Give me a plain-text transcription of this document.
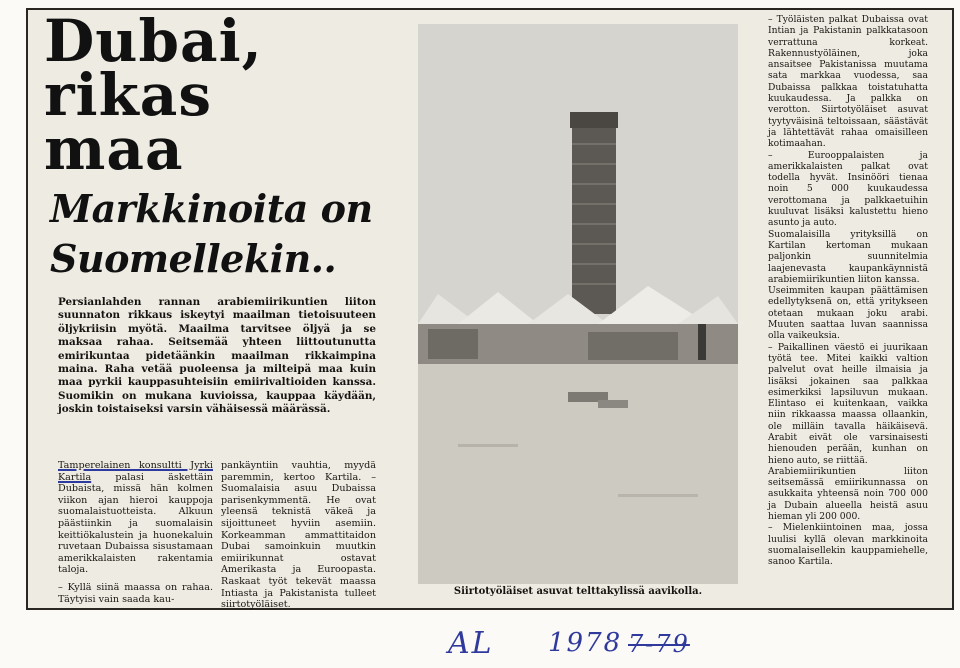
Dubai,
rikas
maa
Markkinoita on
Suomellekin..

Persianlahden rannan arabiemiirikuntien liiton suunnaton rikkaus iskeytyi maailman tietoisuuteen öljykriisin myötä. Maailma tarvitsee öljyä ja se maksaa rahaa. Seitsemää yhteen liittoutunutta emirikuntaa pidetäänkin maailman rikkaimpina maina. Raha vetää puoleensa ja milteipä maa kuin maa pyrkii kauppasuhteisiin emiirivaltioiden kanssa. Suomikin on mukana kuvioissa, kauppaa käydään, joskin toistaiseksi varsin vähäisessä määrässä.

Tamperelainen konsultti Jyrki Kartila	palasi äskettäin Dubaista, missä hän kolmen viikon ajan hieroi kauppoja suomalaistuotteista. Alkuun päästiinkin ja suomalaisin keittiökalustein ja huonekaluin ruvetaan Dubaissa sisustamaan amerikkalaisten rakentamia taloja.

– Kyllä siinä maassa on rahaa. Täytyisi vain saada kau-

pankäyntiin vauhtia, myydä paremmin, kertoo Kartila. – Suomalaisia asuu Dubaissa parisenkymmentä. He ovat yleensä teknistä väkeä ja sijoittuneet hyviin asemiin. Korkeamman ammattitaidon Dubai samoinkuin muutkin emiirikunnat ostavat Amerikasta ja Euroopasta. Raskaat työt tekevät maassa Intiasta ja Pakistanista tulleet siirtotyöläiset.

Siirtotyöläiset asuvat telttakylissä aavikolla.

– Työläisten palkat Dubaissa ovat Intian ja Pakistanin palkkatasoon verrattuna korkeat. Rakennustyöläinen, joka ansaitsee Pakistanissa muutama sata markkaa vuodessa, saa Dubaissa palkkaa toistatuhatta kuukaudessa. Ja palkka on verotton. Siirtotyöläiset asuvat tyytyväisinä teltoissaan, säästävät ja lähtettävät rahaa omaisilleen kotimaahan.

– Eurooppalaisten ja amerikkalaisten palkat ovat todella hyvät. Insinööri tienaa noin 5 000 kuukaudessa verottomana ja palkkaetuihin kuuluvat lisäksi kalustettu hieno asunto ja auto.

Suomalaisilla yrityksillä on Kartilan kertoman mukaan paljonkin suunnitelmia laajenevasta kaupankäynnistä arabiemiirikuntien liiton kanssa.

Useimmiten kaupan päättämisen edellytyksenä on, että yritykseen otetaan mukaan joku arabi. Muuten saattaa luvan saannissa olla vaikeuksia.

– Paikallinen väestö ei juurikaan työtä tee. Mitei kaikki valtion palvelut ovat heille ilmaisia ja lisäksi jokainen saa palkkaa esimerkiksi lapsiluvun mukaan. Elintaso ei kuitenkaan, vaikka niin rikkaassa maassa ollaankin, ole milläin tavalla häikäisevä. Arabit eivät ole varsinaisesti hienouden perään, kunhan on hieno auto, se riittää.

Arabiemiirikuntien liiton seitsemässä emiirikunnassa on asukkaita yhteensä noin 700 000 ja Dubain alueella heistä asuu hieman yli 200 000.

– Mielenkiintoinen maa, jossa luulisi kyllä olevan markkinoita suomalaisellekin kauppamiehelle, sanoo Kartila.

AL 1978 7-79
